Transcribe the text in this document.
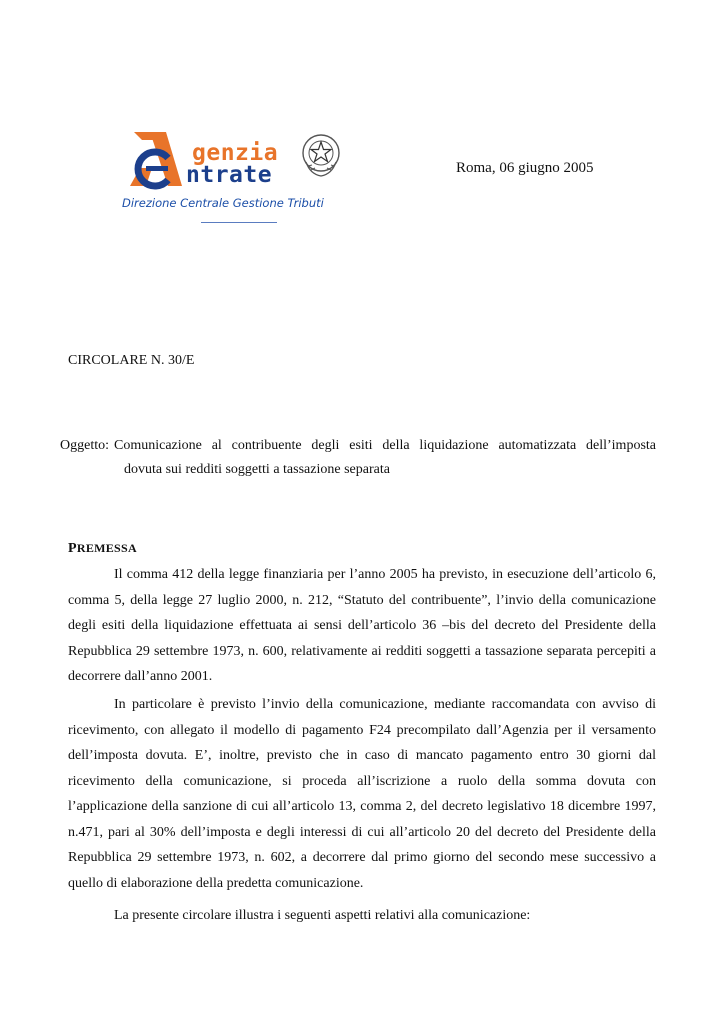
genzia
ntrate
Direzione Centrale Gestione Tributi
Roma, 06 giugno 2005
CIRCOLARE N. 30/E
Oggetto: Comunicazione al contribuente degli esiti della liquidazione automatizzata dell’imposta
dovuta sui redditi soggetti a tassazione separata
PREMESSA

Il comma 412 della legge finanziaria per l’anno 2005 ha previsto, in esecuzione dell’articolo 6, comma 5, della legge 27 luglio 2000, n. 212, “Statuto del contribuente”, l’invio della comunicazione degli esiti della liquidazione effettuata ai sensi dell’articolo 36 –bis del decreto del Presidente della Repubblica 29 settembre 1973, n. 600, relativamente ai redditi soggetti a tassazione separata percepiti a decorrere dall’anno 2001.

In particolare è previsto l’invio della comunicazione, mediante raccomandata con avviso di ricevimento, con allegato il modello di pagamento F24 precompilato dall’Agenzia per il versamento dell’imposta dovuta. E’, inoltre, previsto che in caso di mancato pagamento entro 30 giorni dal ricevimento della comunicazione, si proceda all’iscrizione a ruolo della somma dovuta con l’applicazione della sanzione di cui all’articolo 13, comma 2, del decreto legislativo 18 dicembre 1997, n.471, pari al 30% dell’imposta e degli interessi di cui all’articolo 20 del decreto del Presidente della Repubblica 29 settembre 1973, n. 602, a decorrere dal primo giorno del secondo mese successivo a quello di elaborazione della predetta comunicazione.

La presente circolare illustra i seguenti aspetti relativi alla comunicazione:
